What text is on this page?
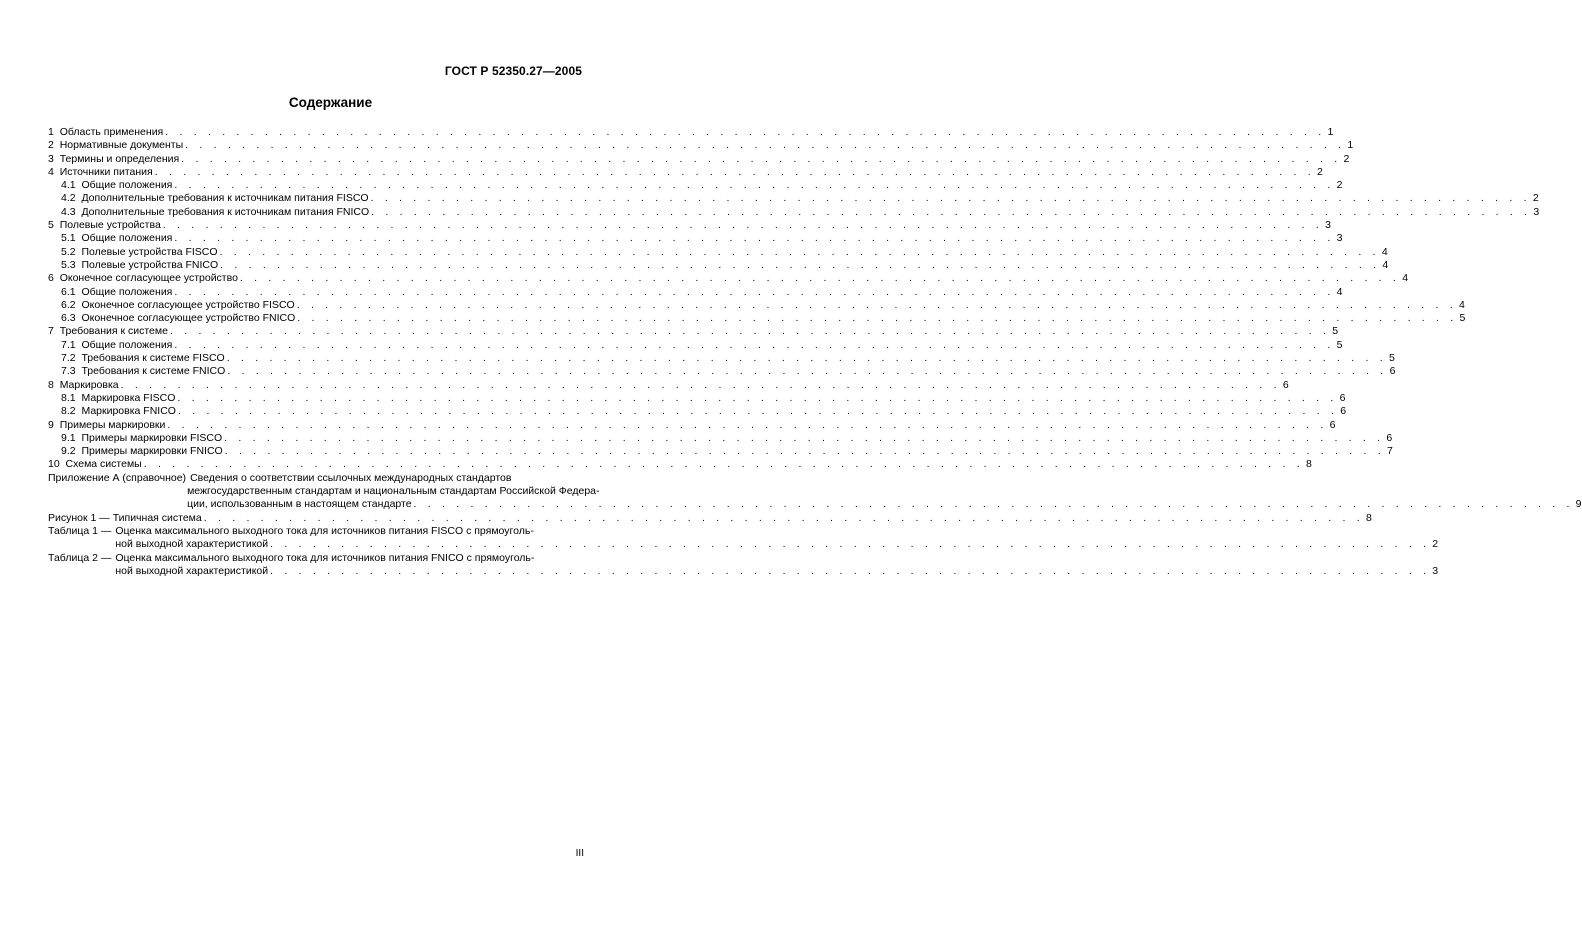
ГОСТ Р 52350.27—2005
Содержание
1
Область применения . . . . . . . . . . . . . . . . . . . . . . . . . . . . . . . . . . . . . . . . . . . . . . . . . . . . . . . . . . . . . . . . . . . . . . . . . . . . . . . . . . 1
2
Нормативные документы . . . . . . . . . . . . . . . . . . . . . . . . . . . . . . . . . . . . . . . . . . . . . . . . . . . . . . . . . . . . . . . . . . . . . . . . . . . . . . . . . . 1
3
Термины и определения . . . . . . . . . . . . . . . . . . . . . . . . . . . . . . . . . . . . . . . . . . . . . . . . . . . . . . . . . . . . . . . . . . . . . . . . . . . . . . . . . . 2
4
Источники питания . . . . . . . . . . . . . . . . . . . . . . . . . . . . . . . . . . . . . . . . . . . . . . . . . . . . . . . . . . . . . . . . . . . . . . . . . . . . . . . . . . 2
4.1
Общие положения . . . . . . . . . . . . . . . . . . . . . . . . . . . . . . . . . . . . . . . . . . . . . . . . . . . . . . . . . . . . . . . . . . . . . . . . . . . . . . . . . . 2
4.2
Дополнительные требования к источникам питания FISCO . . . . . . . . . . . . . . . . . . . . . . . . . . . . . . . . . . . . . . . . . . . . . . . . . . . . . . . . . . . . . . . . . . . . . . . . . . . . . . . . . . 2
4.3
Дополнительные требования к источникам питания FNICO . . . . . . . . . . . . . . . . . . . . . . . . . . . . . . . . . . . . . . . . . . . . . . . . . . . . . . . . . . . . . . . . . . . . . . . . . . . . . . . . . . 3
5
Полевые устройства . . . . . . . . . . . . . . . . . . . . . . . . . . . . . . . . . . . . . . . . . . . . . . . . . . . . . . . . . . . . . . . . . . . . . . . . . . . . . . . . . . 3
5.1
Общие положения . . . . . . . . . . . . . . . . . . . . . . . . . . . . . . . . . . . . . . . . . . . . . . . . . . . . . . . . . . . . . . . . . . . . . . . . . . . . . . . . . . 3
5.2
Полевые устройства FISCO . . . . . . . . . . . . . . . . . . . . . . . . . . . . . . . . . . . . . . . . . . . . . . . . . . . . . . . . . . . . . . . . . . . . . . . . . . . . . . . . . . 4
5.3
Полевые устройства FNICO . . . . . . . . . . . . . . . . . . . . . . . . . . . . . . . . . . . . . . . . . . . . . . . . . . . . . . . . . . . . . . . . . . . . . . . . . . . . . . . . . . 4
6
Оконечное согласующее устройство . . . . . . . . . . . . . . . . . . . . . . . . . . . . . . . . . . . . . . . . . . . . . . . . . . . . . . . . . . . . . . . . . . . . . . . . . . . . . . . . . . 4
6.1
Общие положения . . . . . . . . . . . . . . . . . . . . . . . . . . . . . . . . . . . . . . . . . . . . . . . . . . . . . . . . . . . . . . . . . . . . . . . . . . . . . . . . . . 4
6.2
Оконечное согласующее устройство FISCO . . . . . . . . . . . . . . . . . . . . . . . . . . . . . . . . . . . . . . . . . . . . . . . . . . . . . . . . . . . . . . . . . . . . . . . . . . . . . . . . . . 4
6.3
Оконечное согласующее устройство FNICO . . . . . . . . . . . . . . . . . . . . . . . . . . . . . . . . . . . . . . . . . . . . . . . . . . . . . . . . . . . . . . . . . . . . . . . . . . . . . . . . . . 5
7
Требования к системе . . . . . . . . . . . . . . . . . . . . . . . . . . . . . . . . . . . . . . . . . . . . . . . . . . . . . . . . . . . . . . . . . . . . . . . . . . . . . . . . . . 5
7.1
Общие положения . . . . . . . . . . . . . . . . . . . . . . . . . . . . . . . . . . . . . . . . . . . . . . . . . . . . . . . . . . . . . . . . . . . . . . . . . . . . . . . . . . 5
7.2
Требования к системе FISCO . . . . . . . . . . . . . . . . . . . . . . . . . . . . . . . . . . . . . . . . . . . . . . . . . . . . . . . . . . . . . . . . . . . . . . . . . . . . . . . . . . 5
7.3
Требования к системе FNICO . . . . . . . . . . . . . . . . . . . . . . . . . . . . . . . . . . . . . . . . . . . . . . . . . . . . . . . . . . . . . . . . . . . . . . . . . . . . . . . . . . 6
8
Маркировка . . . . . . . . . . . . . . . . . . . . . . . . . . . . . . . . . . . . . . . . . . . . . . . . . . . . . . . . . . . . . . . . . . . . . . . . . . . . . . . . . . 6
8.1
Маркировка FISCO . . . . . . . . . . . . . . . . . . . . . . . . . . . . . . . . . . . . . . . . . . . . . . . . . . . . . . . . . . . . . . . . . . . . . . . . . . . . . . . . . . 6
8.2
Маркировка FNICO . . . . . . . . . . . . . . . . . . . . . . . . . . . . . . . . . . . . . . . . . . . . . . . . . . . . . . . . . . . . . . . . . . . . . . . . . . . . . . . . . . 6
9
Примеры маркировки . . . . . . . . . . . . . . . . . . . . . . . . . . . . . . . . . . . . . . . . . . . . . . . . . . . . . . . . . . . . . . . . . . . . . . . . . . . . . . . . . . 6
9.1
Примеры маркировки FISCO . . . . . . . . . . . . . . . . . . . . . . . . . . . . . . . . . . . . . . . . . . . . . . . . . . . . . . . . . . . . . . . . . . . . . . . . . . . . . . . . . . 6
9.2
Примеры маркировки FNICO . . . . . . . . . . . . . . . . . . . . . . . . . . . . . . . . . . . . . . . . . . . . . . . . . . . . . . . . . . . . . . . . . . . . . . . . . . . . . . . . . . 7
10
Схема системы . . . . . . . . . . . . . . . . . . . . . . . . . . . . . . . . . . . . . . . . . . . . . . . . . . . . . . . . . . . . . . . . . . . . . . . . . . . . . . . . . . 8
Приложение А (справочное) Сведения о соответствии ссылочных международных стандартов
межгосударственным стандартам и национальным стандартам Российской Федера-
ции, использованным в настоящем стандарте . . . . . . . . . . . . . . . . . . . . . . . . . . . . . . . . . . . . . . . . . . . . . . . . . . . . . . . . . . . . . . . . . . . . . . . . . . . . . . . . . . 9
Рисунок 1 — Типичная система . . . . . . . . . . . . . . . . . . . . . . . . . . . . . . . . . . . . . . . . . . . . . . . . . . . . . . . . . . . . . . . . . . . . . . . . . . . . . . . . . . 8
Таблица 1 — Оценка максимального выходного тока для источников питания FISCO с прямоуголь-
ной выходной характеристикой . . . . . . . . . . . . . . . . . . . . . . . . . . . . . . . . . . . . . . . . . . . . . . . . . . . . . . . . . . . . . . . . . . . . . . . . . . . . . . . . . . 2
Таблица 2 — Оценка максимального выходного тока для источников питания FNICO с прямоуголь-
ной выходной характеристикой . . . . . . . . . . . . . . . . . . . . . . . . . . . . . . . . . . . . . . . . . . . . . . . . . . . . . . . . . . . . . . . . . . . . . . . . . . . . . . . . . . 3
III
